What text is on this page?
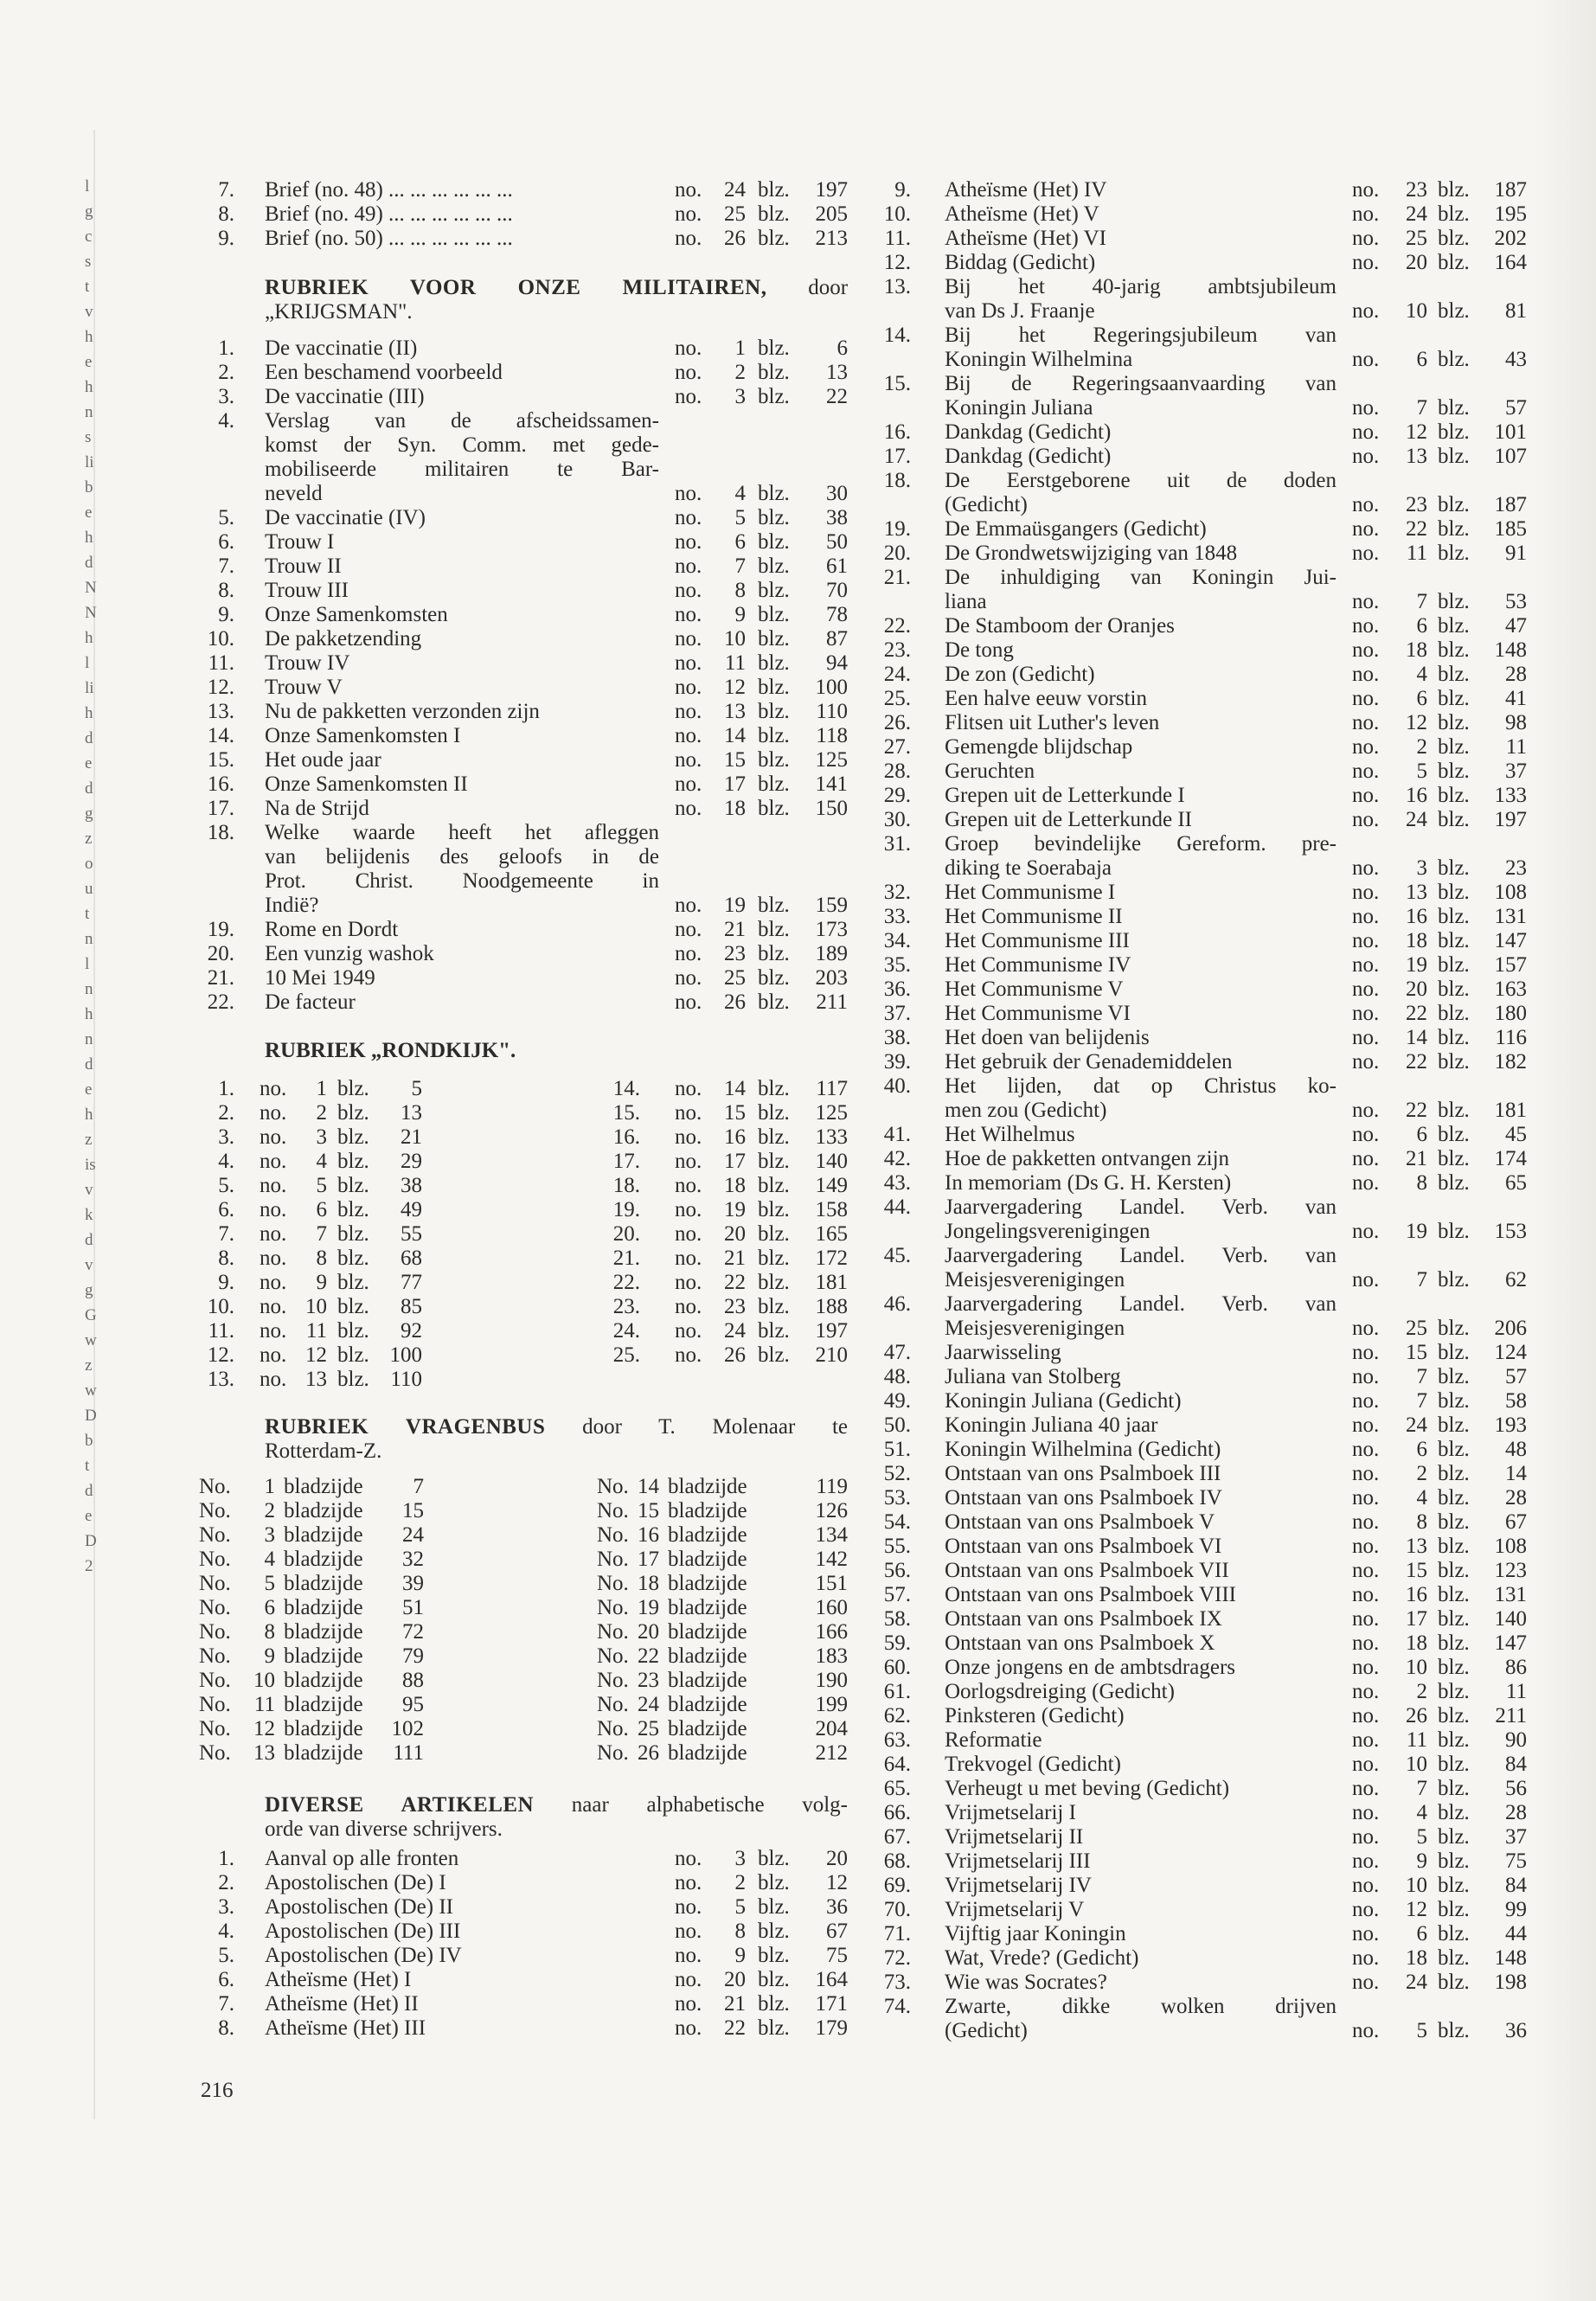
l
g
c
s
t
v
h
e
h
n
s
li
b
e
h
d
N
N
h
l
li
h
d
e
d
g
z
o
u
t
n
l
n
h
n
d
e
h
z
is
v
k
d
v
g
G
w
z
w
D
b
t
d
e
D
2
7. Brief (no. 48) ... ... ... ... ... ...	no.	24 blz.	197
8. Brief (no. 49) ... ... ... ... ... ...	no.	25 blz.	205
9. Brief (no. 50) ... ... ... ... ... ...	no.	26 blz.	213
RUBRIEK VOOR ONZE MILITAIREN, door
„KRIJGSMAN".
1. De vaccinatie (II)	no.	1 blz.	6
2. Een beschamend voorbeeld	no.	2 blz.	13
3. De vaccinatie (III)	no.	3 blz.	22
4. Verslag van de afscheidssamen-
komst der Syn. Comm. met gede-
mobiliseerde militairen te Bar-
neveld	no.	4 blz.	30
5. De vaccinatie (IV)	no.	5 blz.	38
6. Trouw I	no.	6 blz.	50
7. Trouw II	no.	7 blz.	61
8. Trouw III	no.	8 blz.	70
9. Onze Samenkomsten	no.	9 blz.	78
10. De pakketzending	no.	10 blz.	87
11. Trouw IV	no.	11 blz.	94
12. Trouw V	no.	12 blz.	100
13. Nu de pakketten verzonden zijn	no.	13 blz.	110
14. Onze Samenkomsten I	no.	14 blz.	118
15. Het oude jaar	no.	15 blz.	125
16. Onze Samenkomsten II	no.	17 blz.	141
17. Na de Strijd	no.	18 blz.	150
18. Welke waarde heeft het afleggen
van belijdenis des geloofs in de
Prot. Christ. Noodgemeente in
Indië?	no.	19 blz.	159
19. Rome en Dordt	no.	21 blz.	173
20. Een vunzig washok	no.	23 blz.	189
21. 10 Mei 1949	no.	25 blz.	203
22. De facteur	no.	26 blz.	211
RUBRIEK „RONDKIJK".
1. no.	1 blz.	5
2. no.	2 blz.	13
3. no.	3 blz.	21
4. no.	4 blz.	29
5. no.	5 blz.	38
6. no.	6 blz.	49
7. no.	7 blz.	55
8. no.	8 blz.	68
9. no.	9 blz.	77
10. no. 10 blz.	85
11. no. 11 blz.	92
12. no. 12 blz. 100
13. no. 13 blz. 110
14. no.	14 blz.	117
15. no.	15 blz.	125
16. no.	16 blz.	133
17. no.	17 blz.	140
18. no.	18 blz.	149
19. no.	19 blz.	158
20. no.	20 blz.	165
21. no.	21 blz.	172
22. no.	22 blz.	181
23. no.	23 blz.	188
24. no.	24 blz.	197
25. no.	26 blz.	210
RUBRIEK VRAGENBUS door T. Molenaar te
Rotterdam-Z.
No.	1 bladzijde	7
No.	2 bladzijde	15
No.	3 bladzijde	24
No.	4 bladzijde	32
No.	5 bladzijde	39
No.	6 bladzijde	51
No.	8 bladzijde	72
No.	9 bladzijde	79
No.	10 bladzijde	88
No.	11 bladzijde	95
No.	12 bladzijde 102
No.	13 bladzijde	111
No. 14 bladzijde	119
No. 15 bladzijde	126
No. 16 bladzijde	134
No. 17 bladzijde	142
No. 18 bladzijde	151
No. 19 bladzijde	160
No. 20 bladzijde	166
No. 22 bladzijde	183
No. 23 bladzijde	190
No. 24 bladzijde	199
No. 25 bladzijde	204
No. 26 bladzijde	212
DIVERSE ARTIKELEN naar alphabetische volg-
orde van diverse schrijvers.
1. Aanval op alle fronten	no.	3 blz.	20
2. Apostolischen (De) I	no.	2 blz.	12
3. Apostolischen (De) II	no.	5 blz.	36
4. Apostolischen (De) III	no.	8 blz.	67
5. Apostolischen (De) IV	no.	9 blz.	75
6. Atheïsme (Het) I	no.	20 blz.	164
7. Atheïsme (Het) II	no.	21 blz.	171
8. Atheïsme (Het) III	no.	22 blz.	179
9. Atheïsme (Het) IV	no.	23 blz.	187
10. Atheïsme (Het) V	no.	24 blz.	195
11. Atheïsme (Het) VI	no.	25 blz.	202
12. Biddag (Gedicht)	no.	20 blz.	164
13. Bij het 40-jarig ambtsjubileum
van Ds J. Fraanje	no.	10 blz.	81
14. Bij het Regeringsjubileum van
Koningin Wilhelmina	no.	6 blz.	43
15. Bij de Regeringsaanvaarding van
Koningin Juliana	no.	7 blz.	57
16. Dankdag (Gedicht)	no.	12 blz.	101
17. Dankdag (Gedicht)	no.	13 blz.	107
18. De Eerstgeborene uit de doden
(Gedicht)	no.	23 blz.	187
19. De Emmaüsgangers (Gedicht)	no.	22 blz.	185
20. De Grondwetswijziging van 1848	no.	11 blz.	91
21. De inhuldiging van Koningin Jui-
liana	no.	7 blz.	53
22. De Stamboom der Oranjes	no.	6 blz.	47
23. De tong	no.	18 blz.	148
24. De zon (Gedicht)	no.	4 blz.	28
25. Een halve eeuw vorstin	no.	6 blz.	41
26. Flitsen uit Luther's leven	no.	12 blz.	98
27. Gemengde blijdschap	no.	2 blz.	11
28. Geruchten	no.	5 blz.	37
29. Grepen uit de Letterkunde I	no.	16 blz.	133
30. Grepen uit de Letterkunde II	no.	24 blz.	197
31. Groep bevindelijke Gereform. pre-
diking te Soerabaja	no.	3 blz.	23
32. Het Communisme I	no.	13 blz.	108
33. Het Communisme II	no.	16 blz.	131
34. Het Communisme III	no.	18 blz.	147
35. Het Communisme IV	no.	19 blz.	157
36. Het Communisme V	no.	20 blz.	163
37. Het Communisme VI	no.	22 blz.	180
38. Het doen van belijdenis	no.	14 blz.	116
39. Het gebruik der Genademiddelen	no.	22 blz.	182
40. Het lijden, dat op Christus ko-
men zou (Gedicht)	no.	22 blz.	181
41. Het Wilhelmus	no.	6 blz.	45
42. Hoe de pakketten ontvangen zijn	no.	21 blz.	174
43. In memoriam (Ds G. H. Kersten)	no.	8 blz.	65
44. Jaarvergadering Landel. Verb. van
Jongelingsverenigingen	no.	19 blz.	153
45. Jaarvergadering Landel. Verb. van
Meisjesverenigingen	no.	7 blz.	62
46. Jaarvergadering Landel. Verb. van
Meisjesverenigingen	no.	25 blz.	206
47. Jaarwisseling	no.	15 blz.	124
48. Juliana van Stolberg	no.	7 blz.	57
49. Koningin Juliana (Gedicht)	no.	7 blz.	58
50. Koningin Juliana 40 jaar	no.	24 blz.	193
51. Koningin Wilhelmina (Gedicht)	no.	6 blz.	48
52. Ontstaan van ons Psalmboek III	no.	2 blz.	14
53. Ontstaan van ons Psalmboek IV	no.	4 blz.	28
54. Ontstaan van ons Psalmboek V	no.	8 blz.	67
55. Ontstaan van ons Psalmboek VI	no.	13 blz.	108
56. Ontstaan van ons Psalmboek VII	no.	15 blz.	123
57. Ontstaan van ons Psalmboek VIII	no.	16 blz.	131
58. Ontstaan van ons Psalmboek IX	no.	17 blz.	140
59. Ontstaan van ons Psalmboek X	no.	18 blz.	147
60. Onze jongens en de ambtsdragers	no.	10 blz.	86
61. Oorlogsdreiging (Gedicht)	no.	2 blz.	11
62. Pinksteren (Gedicht)	no.	26 blz.	211
63. Reformatie	no.	11 blz.	90
64. Trekvogel (Gedicht)	no.	10 blz.	84
65. Verheugt u met beving (Gedicht)	no.	7 blz.	56
66. Vrijmetselarij I	no.	4 blz.	28
67. Vrijmetselarij II	no.	5 blz.	37
68. Vrijmetselarij III	no.	9 blz.	75
69. Vrijmetselarij IV	no.	10 blz.	84
70. Vrijmetselarij V	no.	12 blz.	99
71. Vijftig jaar Koningin	no.	6 blz.	44
72. Wat, Vrede? (Gedicht)	no.	18 blz.	148
73. Wie was Socrates?	no.	24 blz.	198
74. Zwarte, dikke wolken drijven
(Gedicht)	no.	5 blz.	36
216
